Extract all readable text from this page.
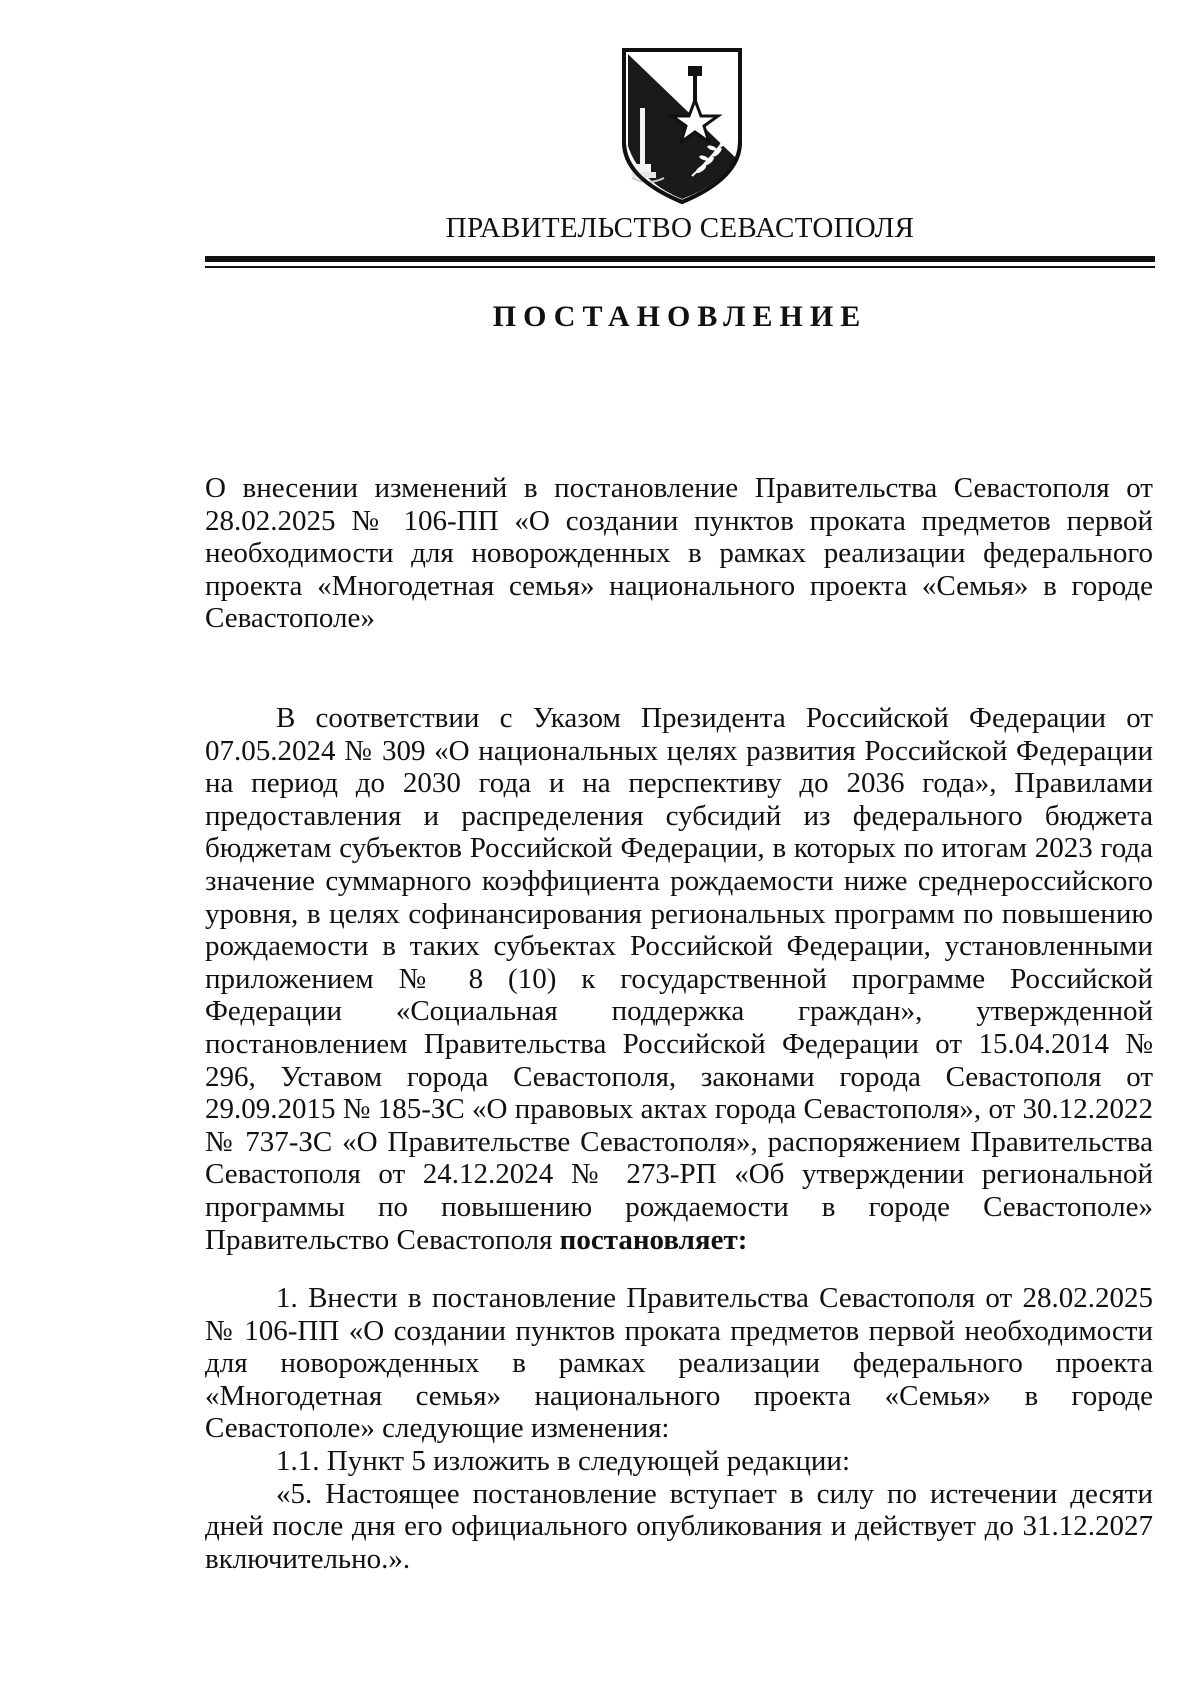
ПРАВИТЕЛЬСТВО СЕВАСТОПОЛЯ
ПОСТАНОВЛЕНИЕ

О внесении изменений в постановление Правительства Севастополя от 28.02.2025 № 106-ПП «О создании пунктов проката предметов первой необходимости для новорожденных в рамках реализации федерального проекта «Многодетная семья» национального проекта «Семья» в городе Севастополе»

В соответствии с Указом Президента Российской Федерации от 07.05.2024 № 309 «О национальных целях развития Российской Федерации на период до 2030 года и на перспективу до 2036 года», Правилами предоставления и распределения субсидий из федерального бюджета бюджетам субъектов Российской Федерации, в которых по итогам 2023 года значение суммарного коэффициента рождаемости ниже среднероссийского уровня, в целях софинансирования региональных программ по повышению рождаемости в таких субъектах Российской Федерации, установленными приложением № 8 (10) к государственной программе Российской Федерации «Социальная поддержка граждан», утвержденной постановлением Правительства Российской Федерации от 15.04.2014 № 296, Уставом города Севастополя, законами города Севастополя от 29.09.2015 № 185-ЗС «О правовых актах города Севастополя», от 30.12.2022 № 737-ЗС «О Правительстве Севастополя», распоряжением Правительства Севастополя от 24.12.2024 № 273-РП «Об утверждении региональной программы по повышению рождаемости в городе Севастополе» Правительство Севастополя постановляет:

1. Внести в постановление Правительства Севастополя от 28.02.2025 № 106-ПП «О создании пунктов проката предметов первой необходимости для новорожденных в рамках реализации федерального проекта «Многодетная семья» национального проекта «Семья» в городе Севастополе» следующие изменения:

1.1. Пункт 5 изложить в следующей редакции:

«5. Настоящее постановление вступает в силу по истечении десяти дней после дня его официального опубликования и действует до 31.12.2027 включительно.».
